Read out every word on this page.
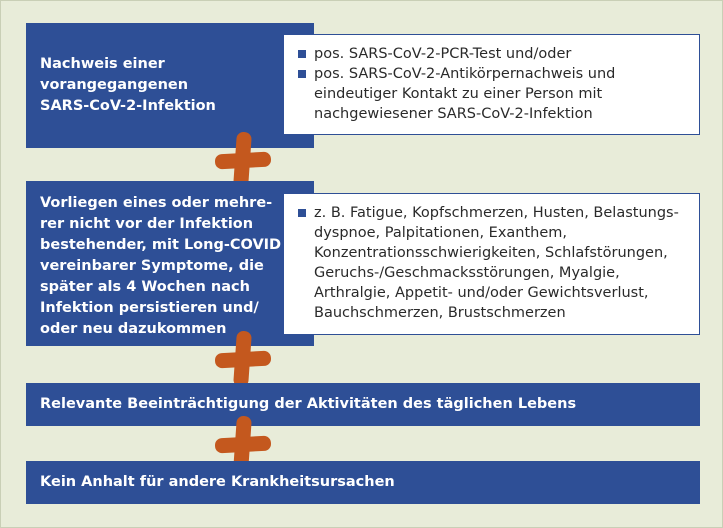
Nachweis einer
vorangegangenen
SARS-CoV-2-Infektion
pos. SARS-CoV-2-PCR-Test und/oder
pos. SARS-CoV-2-Antikörpernachweis und
eindeutiger Kontakt zu einer Person mit
nachgewiesener SARS-CoV-2-Infektion
Vorliegen eines oder mehre-
rer nicht vor der Infektion
bestehender, mit Long-COVID
vereinbarer Symptome, die
später als 4 Wochen nach
Infektion persistieren und/
oder neu dazukommen
z. B. Fatigue, Kopfschmerzen, Husten, Belastungs-
dyspnoe, Palpitationen, Exanthem,
Konzentrationsschwierigkeiten, Schlafstörungen,
Geruchs-/Geschmacksstörungen, Myalgie,
Arthralgie, Appetit- und/oder Gewichtsverlust,
Bauchschmerzen, Brustschmerzen
Relevante Beeinträchtigung der Aktivitäten des täglichen Lebens
Kein Anhalt für andere Krankheitsursachen
